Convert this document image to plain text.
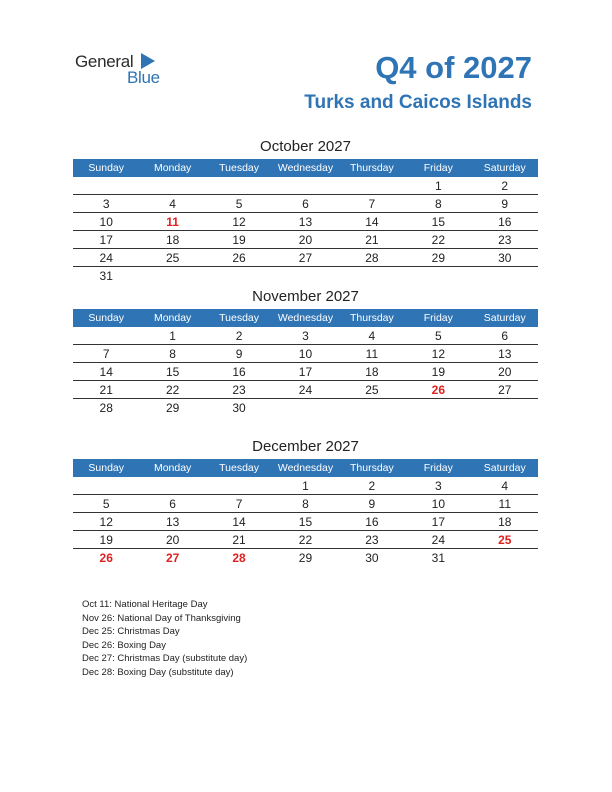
General
Blue	Q4 of 2027
Turks and Caicos Islands
October 2027
Sunday	Monday	Tuesday	Wednesday	Thursday	Friday	Saturday
					1	2
3	4	5	6	7	8	9
10	11	12	13	14	15	16
17	18	19	20	21	22	23
24	25	26	27	28	29	30
31						
November 2027
Sunday	Monday	Tuesday	Wednesday	Thursday	Friday	Saturday
	1	2	3	4	5	6
7	8	9	10	11	12	13
14	15	16	17	18	19	20
21	22	23	24	25	26	27
28	29	30				
December 2027
Sunday	Monday	Tuesday	Wednesday	Thursday	Friday	Saturday
			1	2	3	4
5	6	7	8	9	10	11
12	13	14	15	16	17	18
19	20	21	22	23	24	25
26	27	28	29	30	31	
Oct 11: National Heritage Day
Nov 26: National Day of Thanksgiving
Dec 25: Christmas Day
Dec 26: Boxing Day
Dec 27: Christmas Day (substitute day)
Dec 28: Boxing Day (substitute day)
